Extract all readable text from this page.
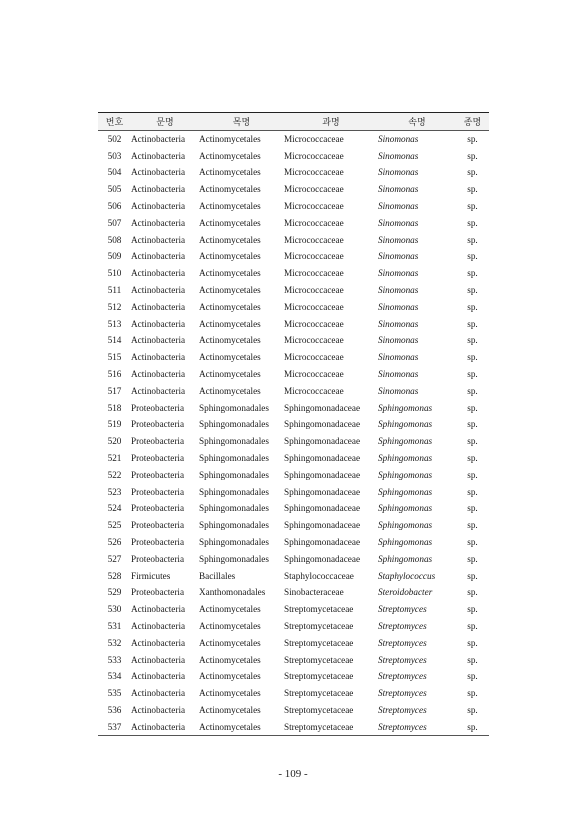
번호	문명	목명	과명	속명	종명
502	Actinobacteria	Actinomycetales	Micrococcaceae	Sinomonas	sp.
503	Actinobacteria	Actinomycetales	Micrococcaceae	Sinomonas	sp.
504	Actinobacteria	Actinomycetales	Micrococcaceae	Sinomonas	sp.
505	Actinobacteria	Actinomycetales	Micrococcaceae	Sinomonas	sp.
506	Actinobacteria	Actinomycetales	Micrococcaceae	Sinomonas	sp.
507	Actinobacteria	Actinomycetales	Micrococcaceae	Sinomonas	sp.
508	Actinobacteria	Actinomycetales	Micrococcaceae	Sinomonas	sp.
509	Actinobacteria	Actinomycetales	Micrococcaceae	Sinomonas	sp.
510	Actinobacteria	Actinomycetales	Micrococcaceae	Sinomonas	sp.
511	Actinobacteria	Actinomycetales	Micrococcaceae	Sinomonas	sp.
512	Actinobacteria	Actinomycetales	Micrococcaceae	Sinomonas	sp.
513	Actinobacteria	Actinomycetales	Micrococcaceae	Sinomonas	sp.
514	Actinobacteria	Actinomycetales	Micrococcaceae	Sinomonas	sp.
515	Actinobacteria	Actinomycetales	Micrococcaceae	Sinomonas	sp.
516	Actinobacteria	Actinomycetales	Micrococcaceae	Sinomonas	sp.
517	Actinobacteria	Actinomycetales	Micrococcaceae	Sinomonas	sp.
518	Proteobacteria	Sphingomonadales	Sphingomonadaceae	Sphingomonas	sp.
519	Proteobacteria	Sphingomonadales	Sphingomonadaceae	Sphingomonas	sp.
520	Proteobacteria	Sphingomonadales	Sphingomonadaceae	Sphingomonas	sp.
521	Proteobacteria	Sphingomonadales	Sphingomonadaceae	Sphingomonas	sp.
522	Proteobacteria	Sphingomonadales	Sphingomonadaceae	Sphingomonas	sp.
523	Proteobacteria	Sphingomonadales	Sphingomonadaceae	Sphingomonas	sp.
524	Proteobacteria	Sphingomonadales	Sphingomonadaceae	Sphingomonas	sp.
525	Proteobacteria	Sphingomonadales	Sphingomonadaceae	Sphingomonas	sp.
526	Proteobacteria	Sphingomonadales	Sphingomonadaceae	Sphingomonas	sp.
527	Proteobacteria	Sphingomonadales	Sphingomonadaceae	Sphingomonas	sp.
528	Firmicutes	Bacillales	Staphylococcaceae	Staphylococcus	sp.
529	Proteobacteria	Xanthomonadales	Sinobacteraceae	Steroidobacter	sp.
530	Actinobacteria	Actinomycetales	Streptomycetaceae	Streptomyces	sp.
531	Actinobacteria	Actinomycetales	Streptomycetaceae	Streptomyces	sp.
532	Actinobacteria	Actinomycetales	Streptomycetaceae	Streptomyces	sp.
533	Actinobacteria	Actinomycetales	Streptomycetaceae	Streptomyces	sp.
534	Actinobacteria	Actinomycetales	Streptomycetaceae	Streptomyces	sp.
535	Actinobacteria	Actinomycetales	Streptomycetaceae	Streptomyces	sp.
536	Actinobacteria	Actinomycetales	Streptomycetaceae	Streptomyces	sp.
537	Actinobacteria	Actinomycetales	Streptomycetaceae	Streptomyces	sp.
- 109 -
